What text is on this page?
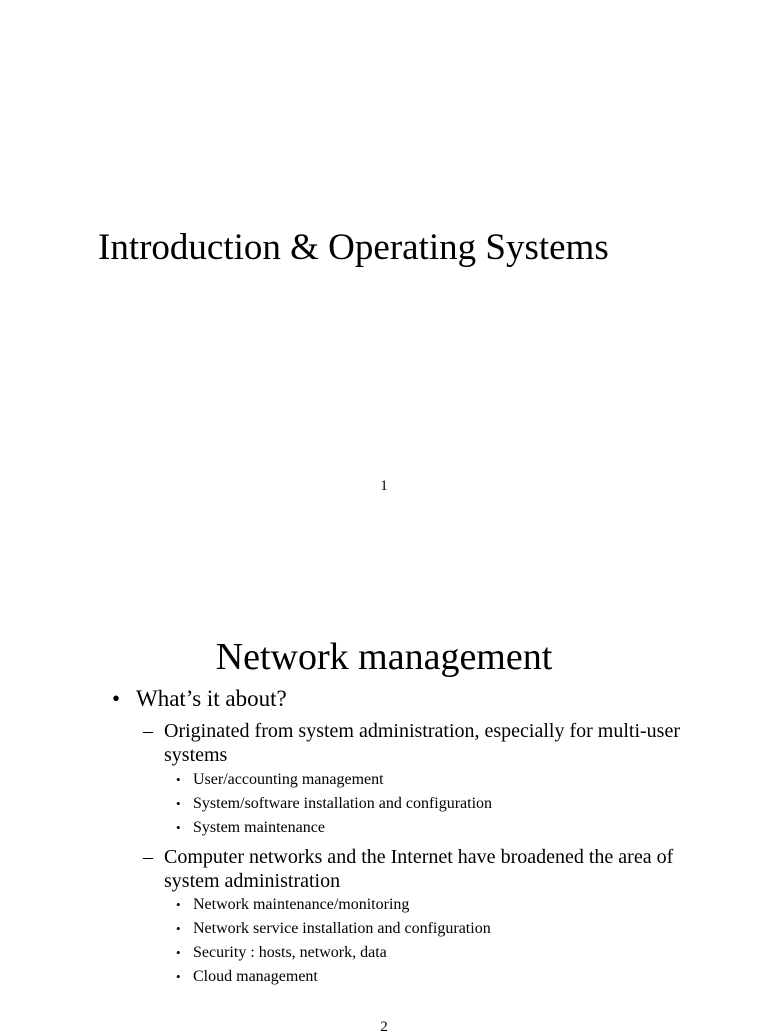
Introduction & Operating Systems
1
Network management
• What’s it about?
– Originated from system administration, especially for multi-user systems
• User/accounting management
• System/software installation and configuration
• System maintenance
– Computer networks and the Internet have broadened the area of system administration
• Network maintenance/monitoring
• Network service installation and configuration
• Security : hosts, network, data
• Cloud management
2
